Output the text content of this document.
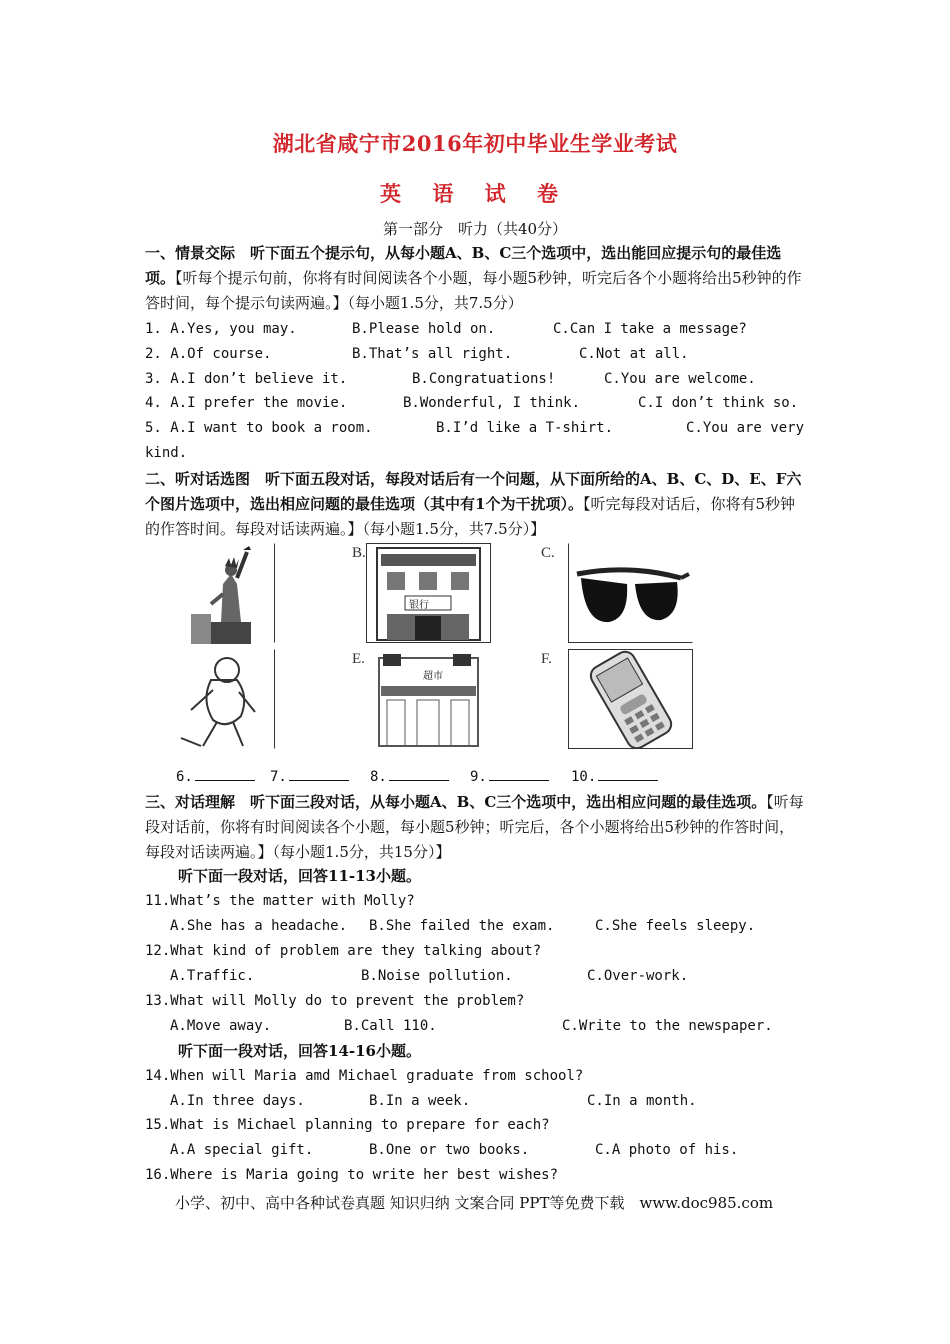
湖北省咸宁市2016年初中毕业生学业考试
英 语 试 卷
第一部分　听力（共40分）
一、情景交际　听下面五个提示句，从每小题A、B、C三个选项中，选出能回应提示句的最佳选项。【听每个提示句前，你将有时间阅读各个小题，每小题5秒钟，听完后各个小题将给出5秒钟的作答时间，每个提示句读两遍。】（每小题1.5分，共7.5分）
1. A.Yes, you may.	B.Please hold on.	C.Can I take a message?
2. A.Of course.	B.That’s all right.	C.Not at all.
3. A.I don’t believe it.	B.Congratuations!	C.You are welcome.
4. A.I prefer the movie.	B.Wonderful, I think.	C.I don’t think so.
5. A.I want to book a room.	B.I’d like a T-shirt.	C.You are very
kind.
二、听对话选图　听下面五段对话，每段对话后有一个问题，从下面所给的A、B、C、D、E、F六个图片选项中，选出相应问题的最佳选项（其中有1个为干扰项）。【听完每段对话后，你将有5秒钟的作答时间。每段对话读两遍。】（每小题1.5分，共7.5分）】
B.	C.
E.	F.
银行
超市
6.	7.	8.	9.	10.
三、对话理解　听下面三段对话，从每小题A、B、C三个选项中，选出相应问题的最佳选项。【听每段对话前，你将有时间阅读各个小题，每小题5秒钟；听完后，各个小题将给出5秒钟的作答时间，每段对话读两遍。】（每小题1.5分，共15分）】
听下面一段对话，回答11-13小题。
11.What’s the matter with Molly?
A.She has a headache. B.She failed the exam.	C.She feels sleepy.
12.What kind of problem are they talking about?
A.Traffic.	B.Noise pollution.	C.Over-work.
13.What will Molly do to prevent the problem?
A.Move away.	B.Call 110.	C.Write to the newspaper.
听下面一段对话，回答14-16小题。
14.When will Maria amd Michael graduate from school?
A.In three days.	B.In a week.	C.In a month.
15.What is Michael planning to prepare for each?
A.A special gift.	B.One or two books.	C.A photo of his.
16.Where is Maria going to write her best wishes?
小学、初中、高中各种试卷真题 知识归纳 文案合同 PPT等免费下载　www.doc985.com
